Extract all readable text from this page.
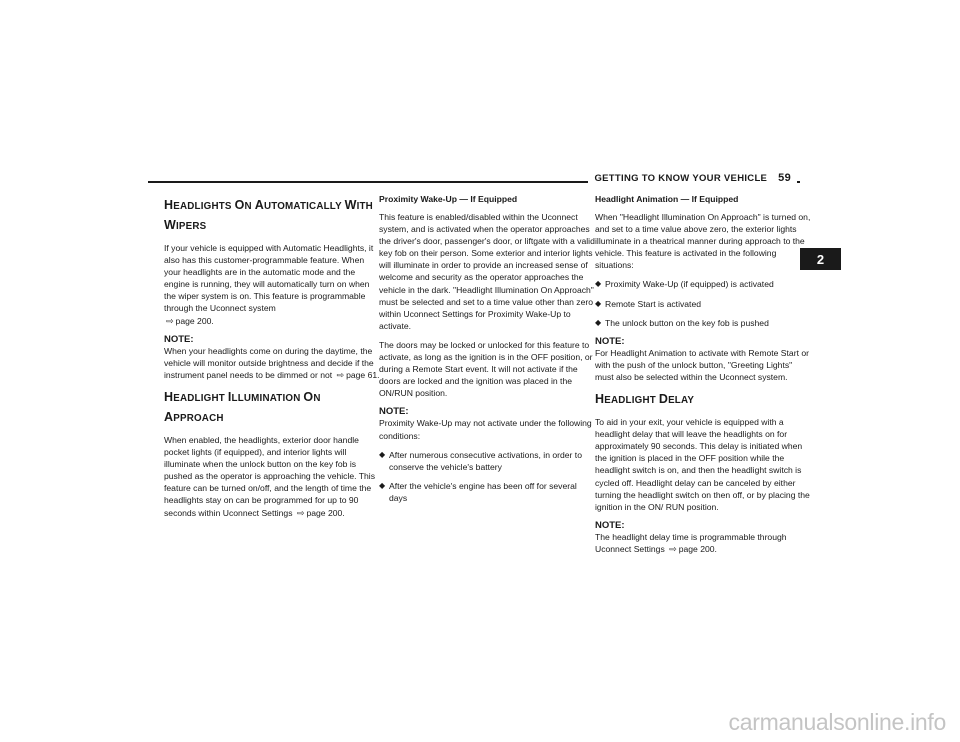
GETTING TO KNOW YOUR VEHICLE 59
2
HEADLIGHTS ON AUTOMATICALLY WITH WIPERS

If your vehicle is equipped with Automatic Headlights, it also has this customer-programmable feature. When your headlights are in the automatic mode and the engine is running, they will automatically turn on when the wiper system is on. This feature is programmable through the Uconnect system
⇨ page 200.

NOTE:

When your headlights come on during the daytime, the vehicle will monitor outside brightness and decide if the instrument panel needs to be dimmed or not ⇨ page 61.

HEADLIGHT ILLUMINATION ON
APPROACH

When enabled, the headlights, exterior door handle pocket lights (if equipped), and interior lights will illuminate when the unlock button on the key fob is pushed as the operator is approaching the vehicle. This feature can be turned on/off, and the length of time the headlights stay on can be programmed for up to 90 seconds within Uconnect Settings ⇨ page 200.

Proximity Wake-Up — If Equipped

This feature is enabled/disabled within the Uconnect system, and is activated when the operator approaches the driver's door, passenger's door, or liftgate with a valid key fob on their person. Some exterior and interior lights will illuminate in order to provide an increased sense of welcome and security as the operator approaches the vehicle in the dark. "Headlight Illumination On Approach" must be selected and set to a time value other than zero within Uconnect Settings for Proximity Wake-Up to activate.

The doors may be locked or unlocked for this feature to activate, as long as the ignition is in the OFF position, or during a Remote Start event. It will not activate if the doors are locked and the ignition was placed in the ON/RUN position.

NOTE:

Proximity Wake-Up may not activate under the following conditions:

◆ After numerous consecutive activations, in order to conserve the vehicle's battery
◆ After the vehicle's engine has been off for several days
Headlight Animation — If Equipped

When "Headlight Illumination On Approach" is turned on, and set to a time value above zero, the exterior lights illuminate in a theatrical manner during approach to the vehicle. This feature is activated in the following situations:

◆ Proximity Wake-Up (if equipped) is activated
◆ Remote Start is activated
◆ The unlock button on the key fob is pushed
NOTE:

For Headlight Animation to activate with Remote Start or with the push of the unlock button, "Greeting Lights" must also be selected within the Uconnect system.

HEADLIGHT DELAY

To aid in your exit, your vehicle is equipped with a headlight delay that will leave the headlights on for approximately 90 seconds. This delay is initiated when the ignition is placed in the OFF position while the headlight switch is on, and then the headlight switch is cycled off. Headlight delay can be canceled by either turning the headlight switch on then off, or by placing the ignition in the ON/ RUN position.

NOTE:

The headlight delay time is programmable through Uconnect Settings ⇨ page 200.

carmanualsonline.info
